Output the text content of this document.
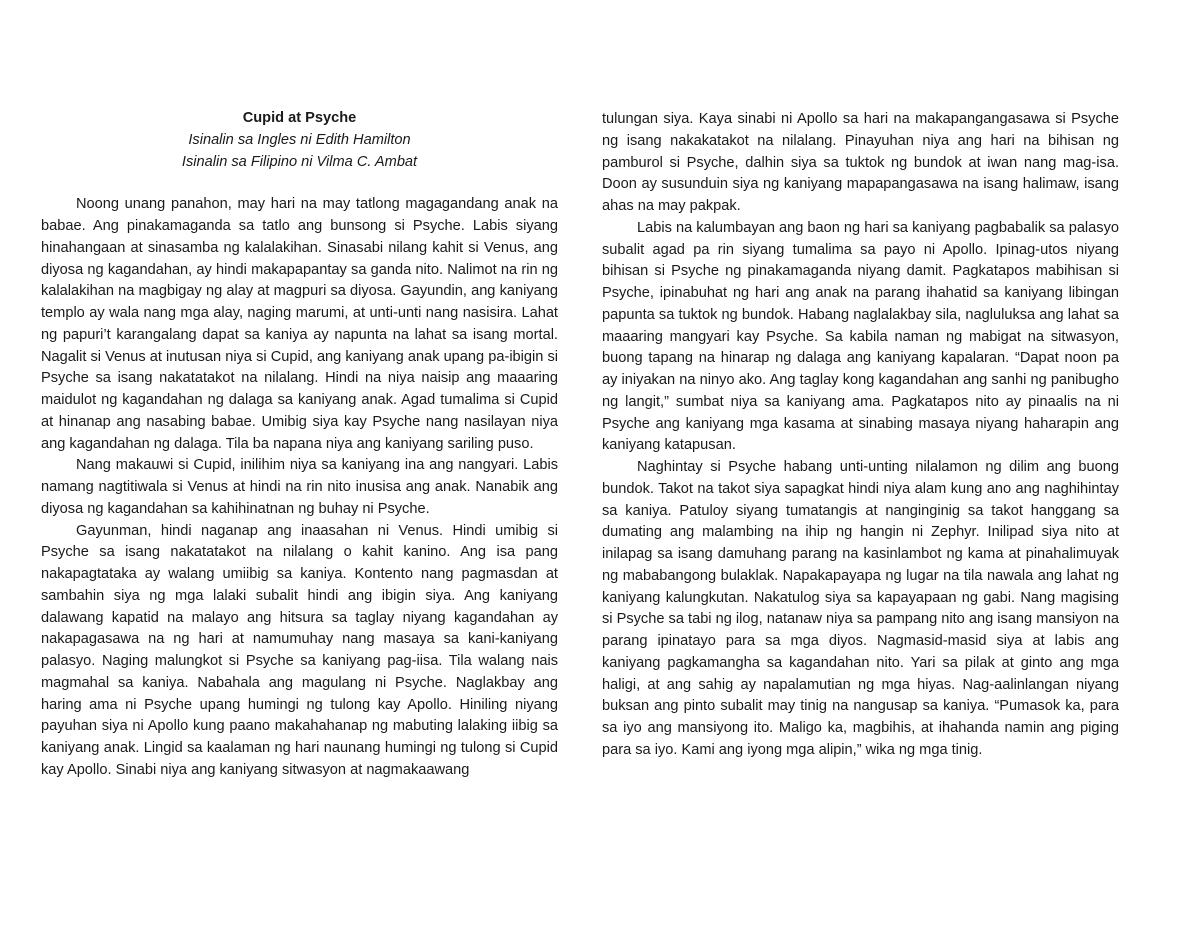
Cupid at Psyche

Isinalin sa Ingles ni Edith Hamilton

Isinalin sa Filipino ni Vilma C. Ambat

Noong unang panahon, may hari na may tatlong magagandang anak na babae. Ang pinakamaganda sa tatlo ang bunsong si Psyche. Labis siyang hinahangaan at sinasamba ng kalalakihan. Sinasabi nilang kahit si Venus, ang diyosa ng kagandahan, ay hindi makapapantay sa ganda nito. Nalimot na rin ng kalalakihan na magbigay ng alay at magpuri sa diyosa. Gayundin, ang kaniyang templo ay wala nang mga alay, naging marumi, at unti-unti nang nasisira. Lahat ng papuri’t karangalang dapat sa kaniya ay napunta na lahat sa isang mortal. Nagalit si Venus at inutusan niya si Cupid, ang kaniyang anak upang pa-ibigin si Psyche sa isang nakatatakot na nilalang. Hindi na niya naisip ang maaaring maidulot ng kagandahan ng dalaga sa kaniyang anak. Agad tumalima si Cupid at hinanap ang nasabing babae. Umibig siya kay Psyche nang nasilayan niya ang kagandahan ng dalaga. Tila ba napana niya ang kaniyang sariling puso.

Nang makauwi si Cupid, inilihim niya sa kaniyang ina ang nangyari. Labis namang nagtitiwala si Venus at hindi na rin nito inusisa ang anak. Nanabik ang diyosa ng kagandahan sa kahihinatnan ng buhay ni Psyche.

Gayunman, hindi naganap ang inaasahan ni Venus. Hindi umibig si Psyche sa isang nakatatakot na nilalang o kahit kanino. Ang isa pang nakapagtataka ay walang umiibig sa kaniya. Kontento nang pagmasdan at sambahin siya ng mga lalaki subalit hindi ang ibigin siya. Ang kaniyang dalawang kapatid na malayo ang hitsura sa taglay niyang kagandahan ay nakapagasawa na ng hari at namumuhay nang masaya sa kani-kaniyang palasyo. Naging malungkot si Psyche sa kaniyang pag-iisa. Tila walang nais magmahal sa kaniya. Nabahala ang magulang ni Psyche. Naglakbay ang haring ama ni Psyche upang humingi ng tulong kay Apollo. Hiniling niyang payuhan siya ni Apollo kung paano makahahanap ng mabuting lalaking iibig sa kaniyang anak. Lingid sa kaalaman ng hari naunang humingi ng tulong si Cupid kay Apollo. Sinabi niya ang kaniyang sitwasyon at nagmakaawang

tulungan siya. Kaya sinabi ni Apollo sa hari na makapangangasawa si Psyche ng isang nakakatakot na nilalang. Pinayuhan niya ang hari na bihisan ng pamburol si Psyche, dalhin siya sa tuktok ng bundok at iwan nang mag-isa. Doon ay susunduin siya ng kaniyang mapapangasawa na isang halimaw, isang ahas na may pakpak.

Labis na kalumbayan ang baon ng hari sa kaniyang pagbabalik sa palasyo subalit agad pa rin siyang tumalima sa payo ni Apollo. Ipinag-utos niyang bihisan si Psyche ng pinakamaganda niyang damit. Pagkatapos mabihisan si Psyche, ipinabuhat ng hari ang anak na parang ihahatid sa kaniyang libingan papunta sa tuktok ng bundok. Habang naglalakbay sila, nagluluksa ang lahat sa maaaring mangyari kay Psyche. Sa kabila naman ng mabigat na sitwasyon, buong tapang na hinarap ng dalaga ang kaniyang kapalaran. “Dapat noon pa ay iniyakan na ninyo ako. Ang taglay kong kagandahan ang sanhi ng panibugho ng langit,” sumbat niya sa kaniyang ama. Pagkatapos nito ay pinaalis na ni Psyche ang kaniyang mga kasama at sinabing masaya niyang haharapin ang kaniyang katapusan.

Naghintay si Psyche habang unti-unting nilalamon ng dilim ang buong bundok. Takot na takot siya sapagkat hindi niya alam kung ano ang naghihintay sa kaniya. Patuloy siyang tumatangis at nanginginig sa takot hanggang sa dumating ang malambing na ihip ng hangin ni Zephyr. Inilipad siya nito at inilapag sa isang damuhang parang na kasinlambot ng kama at pinahalimuyak ng mababangong bulaklak. Napakapayapa ng lugar na tila nawala ang lahat ng kaniyang kalungkutan. Nakatulog siya sa kapayapaan ng gabi. Nang magising si Psyche sa tabi ng ilog, natanaw niya sa pampang nito ang isang mansiyon na parang ipinatayo para sa mga diyos. Nagmasid-masid siya at labis ang kaniyang pagkamangha sa kagandahan nito. Yari sa pilak at ginto ang mga haligi, at ang sahig ay napalamutian ng mga hiyas. Nag-aalinlangan niyang buksan ang pinto subalit may tinig na nangusap sa kaniya. “Pumasok ka, para sa iyo ang mansiyong ito. Maligo ka, magbihis, at ihahanda namin ang piging para sa iyo. Kami ang iyong mga alipin,” wika ng mga tinig.
